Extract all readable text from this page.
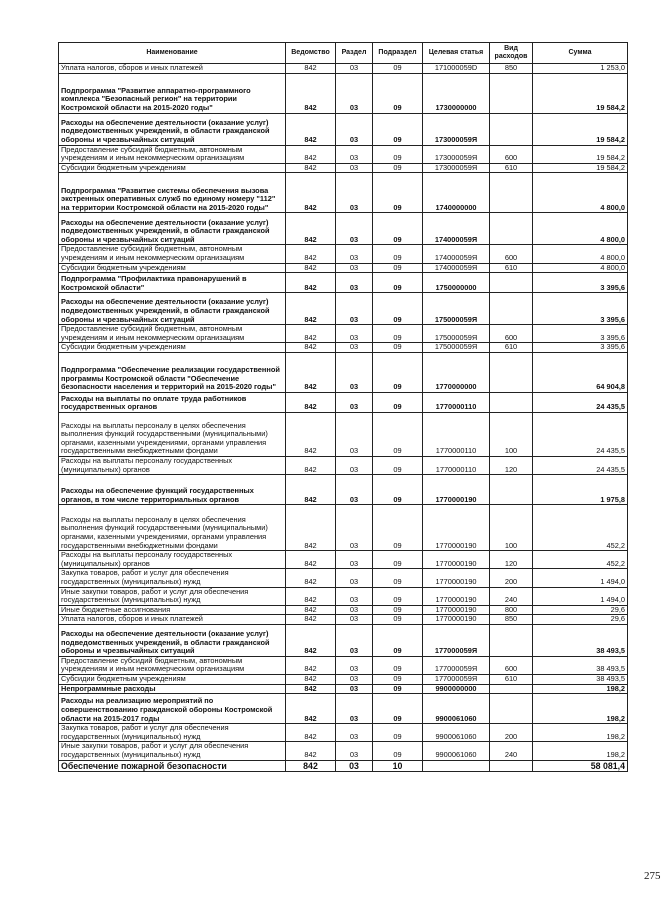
Наименование	Ведомство	Раздел	Подраздел	Целевая статья	Вид расходов	Сумма
Уплата налогов, сборов и иных платежей	842	03	09	171000059D	850	1 253,0
Подпрограмма "Развитие аппаратно-программного комплекса "Безопасный регион" на территории Костромской области на 2015-2020 годы"	842	03	09	1730000000		19 584,2
Расходы на обеспечение деятельности (оказание услуг) подведомственных учреждений, в области гражданской обороны и чрезвычайных ситуаций	842	03	09	173000059Я		19 584,2
Предоставление субсидий бюджетным, автономным учреждениям и иным некоммерческим организациям	842	03	09	173000059Я	600	19 584,2
Субсидии бюджетным учреждениям	842	03	09	173000059Я	610	19 584,2
Подпрограмма "Развитие системы обеспечения вызова экстренных оперативных служб по единому номеру "112" на территории Костромской области на 2015-2020 годы"	842	03	09	1740000000		4 800,0
Расходы на обеспечение деятельности (оказание услуг) подведомственных учреждений, в области гражданской обороны и чрезвычайных ситуаций	842	03	09	174000059Я		4 800,0
Предоставление субсидий бюджетным, автономным учреждениям и иным некоммерческим организациям	842	03	09	174000059Я	600	4 800,0
Субсидии бюджетным учреждениям	842	03	09	174000059Я	610	4 800,0
Подпрограмма "Профилактика правонарушений в Костромской области"	842	03	09	1750000000		3 395,6
Расходы на обеспечение деятельности (оказание услуг) подведомственных учреждений, в области гражданской обороны и чрезвычайных ситуаций	842	03	09	175000059Я		3 395,6
Предоставление субсидий бюджетным, автономным учреждениям и иным некоммерческим организациям	842	03	09	175000059Я	600	3 395,6
Субсидии бюджетным учреждениям	842	03	09	175000059Я	610	3 395,6
Подпрограмма "Обеспечение реализации государственной программы Костромской области "Обеспечение безопасности населения и территорий на 2015-2020 годы"	842	03	09	1770000000		64 904,8
Расходы на выплаты по оплате труда работников государственных органов	842	03	09	1770000110		24 435,5
Расходы на выплаты персоналу в целях обеспечения выполнения функций государственными (муниципальными) органами, казенными учреждениями, органами управления государственными внебюджетными фондами	842	03	09	1770000110	100	24 435,5
Расходы на выплаты персоналу государственных (муниципальных) органов	842	03	09	1770000110	120	24 435,5
Расходы на обеспечение функций государственных органов, в том числе территориальных органов	842	03	09	1770000190		1 975,8
Расходы на выплаты персоналу в целях обеспечения выполнения функций государственными (муниципальными) органами, казенными учреждениями, органами управления государственными внебюджетными фондами	842	03	09	1770000190	100	452,2
Расходы на выплаты персоналу государственных (муниципальных) органов	842	03	09	1770000190	120	452,2
Закупка товаров, работ и услуг для обеспечения государственных (муниципальных) нужд	842	03	09	1770000190	200	1 494,0
Иные закупки товаров, работ и услуг для обеспечения государственных (муниципальных) нужд	842	03	09	1770000190	240	1 494,0
Иные бюджетные ассигнования	842	03	09	1770000190	800	29,6
Уплата налогов, сборов и иных платежей	842	03	09	1770000190	850	29,6
Расходы на обеспечение деятельности (оказание услуг) подведомственных учреждений, в области гражданской обороны и чрезвычайных ситуаций	842	03	09	177000059Я		38 493,5
Предоставление субсидий бюджетным, автономным учреждениям и иным некоммерческим организациям	842	03	09	177000059Я	600	38 493,5
Субсидии бюджетным учреждениям	842	03	09	177000059Я	610	38 493,5
Непрограммные расходы	842	03	09	9900000000		198,2
Расходы на реализацию мероприятий по совершенствованию гражданской обороны Костромской области на 2015-2017 годы	842	03	09	9900061060		198,2
Закупка товаров, работ и услуг для обеспечения государственных (муниципальных) нужд	842	03	09	9900061060	200	198,2
Иные закупки товаров, работ и услуг для обеспечения государственных (муниципальных) нужд	842	03	09	9900061060	240	198,2
Обеспечение пожарной безопасности	842	03	10			58 081,4
275
